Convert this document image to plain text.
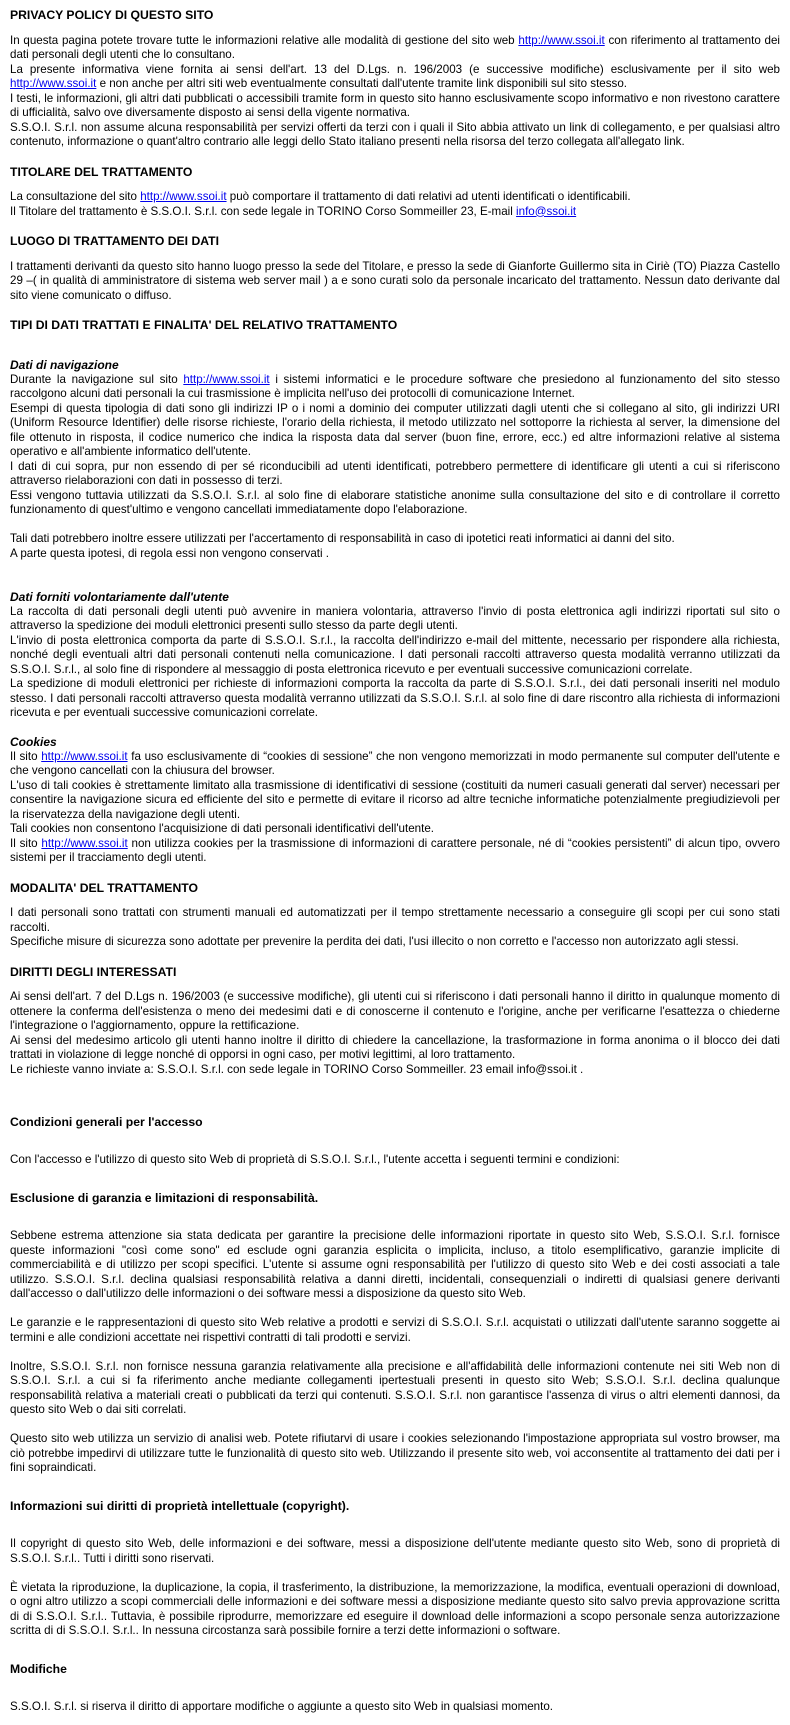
PRIVACY POLICY DI QUESTO SITO
In questa pagina potete trovare tutte le informazioni relative alle modalità di gestione del sito web http://www.ssoi.it con riferimento al trattamento dei dati personali degli utenti che lo consultano.
La presente informativa viene fornita ai sensi dell'art. 13 del D.Lgs. n. 196/2003 (e successive modifiche) esclusivamente per il sito web http://www.ssoi.it e non anche per altri siti web eventualmente consultati dall'utente tramite link disponibili sul sito stesso.
I testi, le informazioni, gli altri dati pubblicati o accessibili tramite form in questo sito hanno esclusivamente scopo informativo e non rivestono carattere di ufficialità, salvo ove diversamente disposto ai sensi della vigente normativa.
S.S.O.I. S.r.l. non assume alcuna responsabilità per servizi offerti da terzi con i quali il Sito abbia attivato un link di collegamento, e per qualsiasi altro contenuto, informazione o quant'altro contrario alle leggi dello Stato italiano presenti nella risorsa del terzo collegata all'allegato link.
TITOLARE DEL TRATTAMENTO
La consultazione del sito http://www.ssoi.it può comportare il trattamento di dati relativi ad utenti identificati o identificabili.
Il Titolare del trattamento è S.S.O.I. S.r.l. con sede legale in TORINO Corso Sommeiller 23, E-mail info@ssoi.it
LUOGO DI TRATTAMENTO DEI DATI
I trattamenti derivanti da questo sito hanno luogo presso la sede del Titolare, e presso la sede di Gianforte Guillermo sita in Ciriè (TO) Piazza Castello 29 –( in qualità di amministratore di sistema web server mail ) a e sono curati solo da personale incaricato del trattamento. Nessun dato derivante dal sito viene comunicato o diffuso.
TIPI DI DATI TRATTATI E FINALITA' DEL RELATIVO TRATTAMENTO
Dati di navigazione
Durante la navigazione sul sito http://www.ssoi.it i sistemi informatici e le procedure software che presiedono al funzionamento del sito stesso raccolgono alcuni dati personali la cui trasmissione è implicita nell'uso dei protocolli di comunicazione Internet.
Esempi di questa tipologia di dati sono gli indirizzi IP o i nomi a dominio dei computer utilizzati dagli utenti che si collegano al sito, gli indirizzi URI (Uniform Resource Identifier) delle risorse richieste, l'orario della richiesta, il metodo utilizzato nel sottoporre la richiesta al server, la dimensione del file ottenuto in risposta, il codice numerico che indica la risposta data dal server (buon fine, errore, ecc.) ed altre informazioni relative al sistema operativo e all'ambiente informatico dell'utente.
I dati di cui sopra, pur non essendo di per sé riconducibili ad utenti identificati, potrebbero permettere di identificare gli utenti a cui si riferiscono attraverso rielaborazioni con dati in possesso di terzi.
Essi vengono tuttavia utilizzati da S.S.O.I. S.r.l. al solo fine di elaborare statistiche anonime sulla consultazione del sito e di controllare il corretto funzionamento di quest'ultimo e vengono cancellati immediatamente dopo l'elaborazione.
Tali dati potrebbero inoltre essere utilizzati per l'accertamento di responsabilità in caso di ipotetici reati informatici ai danni del sito.
A parte questa ipotesi, di regola essi non vengono conservati .
Dati forniti volontariamente dall'utente
La raccolta di dati personali degli utenti può avvenire in maniera volontaria, attraverso l'invio di posta elettronica agli indirizzi riportati sul sito o attraverso la spedizione dei moduli elettronici presenti sullo stesso da parte degli utenti.
L'invio di posta elettronica comporta da parte di S.S.O.I. S.r.l., la raccolta dell'indirizzo e-mail del mittente, necessario per rispondere alla richiesta, nonché degli eventuali altri dati personali contenuti nella comunicazione. I dati personali raccolti attraverso questa modalità verranno utilizzati da S.S.O.I. S.r.l., al solo fine di rispondere al messaggio di posta elettronica ricevuto e per eventuali successive comunicazioni correlate.
La spedizione di moduli elettronici per richieste di informazioni comporta la raccolta da parte di S.S.O.I. S.r.l., dei dati personali inseriti nel modulo stesso. I dati personali raccolti attraverso questa modalità verranno utilizzati da S.S.O.I. S.r.l. al solo fine di dare riscontro alla richiesta di informazioni ricevuta e per eventuali successive comunicazioni correlate.
Cookies
Il sito http://www.ssoi.it fa uso esclusivamente di “cookies di sessione” che non vengono memorizzati in modo permanente sul computer dell'utente e che vengono cancellati con la chiusura del browser.
L'uso di tali cookies è strettamente limitato alla trasmissione di identificativi di sessione (costituiti da numeri casuali generati dal server) necessari per consentire la navigazione sicura ed efficiente del sito e permette di evitare il ricorso ad altre tecniche informatiche potenzialmente pregiudizievoli per la riservatezza della navigazione degli utenti.
Tali cookies non consentono l'acquisizione di dati personali identificativi dell'utente.
Il sito http://www.ssoi.it non utilizza cookies per la trasmissione di informazioni di carattere personale, né di “cookies persistenti” di alcun tipo, ovvero sistemi per il tracciamento degli utenti.
MODALITA' DEL TRATTAMENTO
I dati personali sono trattati con strumenti manuali ed automatizzati per il tempo strettamente necessario a conseguire gli scopi per cui sono stati raccolti.
Specifiche misure di sicurezza sono adottate per prevenire la perdita dei dati, l'usi illecito o non corretto e l'accesso non autorizzato agli stessi.
DIRITTI DEGLI INTERESSATI
Ai sensi dell'art. 7 del D.Lgs n. 196/2003 (e successive modifiche), gli utenti cui si riferiscono i dati personali hanno il diritto in qualunque momento di ottenere la conferma dell'esistenza o meno dei medesimi dati e di conoscerne il contenuto e l'origine, anche per verificarne l'esattezza o chiederne l'integrazione o l'aggiornamento, oppure la rettificazione.
Ai sensi del medesimo articolo gli utenti hanno inoltre il diritto di chiedere la cancellazione, la trasformazione in forma anonima o il blocco dei dati trattati in violazione di legge nonché di opporsi in ogni caso, per motivi legittimi, al loro trattamento.
Le richieste vanno inviate a: S.S.O.I. S.r.l. con sede legale in TORINO Corso Sommeiller. 23 email info@ssoi.it .
Condizioni generali per l'accesso
Con l'accesso e l'utilizzo di questo sito Web di proprietà di S.S.O.I. S.r.l., l'utente accetta i seguenti termini e condizioni:
Esclusione di garanzia e limitazioni di responsabilità.
Sebbene estrema attenzione sia stata dedicata per garantire la precisione delle informazioni riportate in questo sito Web, S.S.O.I. S.r.l. fornisce queste informazioni "così come sono" ed esclude ogni garanzia esplicita o implicita, incluso, a titolo esemplificativo, garanzie implicite di commerciabilità e di utilizzo per scopi specifici. L'utente si assume ogni responsabilità per l'utilizzo di questo sito Web e dei costi associati a tale utilizzo. S.S.O.I. S.r.l. declina qualsiasi responsabilità relativa a danni diretti, incidentali, consequenziali o indiretti di qualsiasi genere derivanti dall'accesso o dall'utilizzo delle informazioni o dei software messi a disposizione da questo sito Web.
Le garanzie e le rappresentazioni di questo sito Web relative a prodotti e servizi di S.S.O.I. S.r.l. acquistati o utilizzati dall'utente saranno soggette ai termini e alle condizioni accettate nei rispettivi contratti di tali prodotti e servizi.
Inoltre, S.S.O.I. S.r.l. non fornisce nessuna garanzia relativamente alla precisione e all'affidabilità delle informazioni contenute nei siti Web non di S.S.O.I. S.r.l. a cui si fa riferimento anche mediante collegamenti ipertestuali presenti in questo sito Web; S.S.O.I. S.r.l. declina qualunque responsabilità relativa a materiali creati o pubblicati da terzi qui contenuti. S.S.O.I. S.r.l. non garantisce l'assenza di virus o altri elementi dannosi, da questo sito Web o dai siti correlati.
Questo sito web utilizza un servizio di analisi web. Potete rifiutarvi di usare i cookies selezionando l'impostazione appropriata sul vostro browser, ma ciò potrebbe impedirvi di utilizzare tutte le funzionalità di questo sito web. Utilizzando il presente sito web, voi acconsentite al trattamento dei dati per i fini sopraindicati.
Informazioni sui diritti di proprietà intellettuale (copyright).
Il copyright di questo sito Web, delle informazioni e dei software, messi a disposizione dell'utente mediante questo sito Web, sono di proprietà di S.S.O.I. S.r.l.. Tutti i diritti sono riservati.
È vietata la riproduzione, la duplicazione, la copia, il trasferimento, la distribuzione, la memorizzazione, la modifica, eventuali operazioni di download, o ogni altro utilizzo a scopi commerciali delle informazioni e dei software messi a disposizione mediante questo sito salvo previa approvazione scritta di di S.S.O.I. S.r.l.. Tuttavia, è possibile riprodurre, memorizzare ed eseguire il download delle informazioni a scopo personale senza autorizzazione scritta di di S.S.O.I. S.r.l.. In nessuna circostanza sarà possibile fornire a terzi dette informazioni o software.
Modifiche
S.S.O.I. S.r.l. si riserva il diritto di apportare modifiche o aggiunte a questo sito Web in qualsiasi momento.
